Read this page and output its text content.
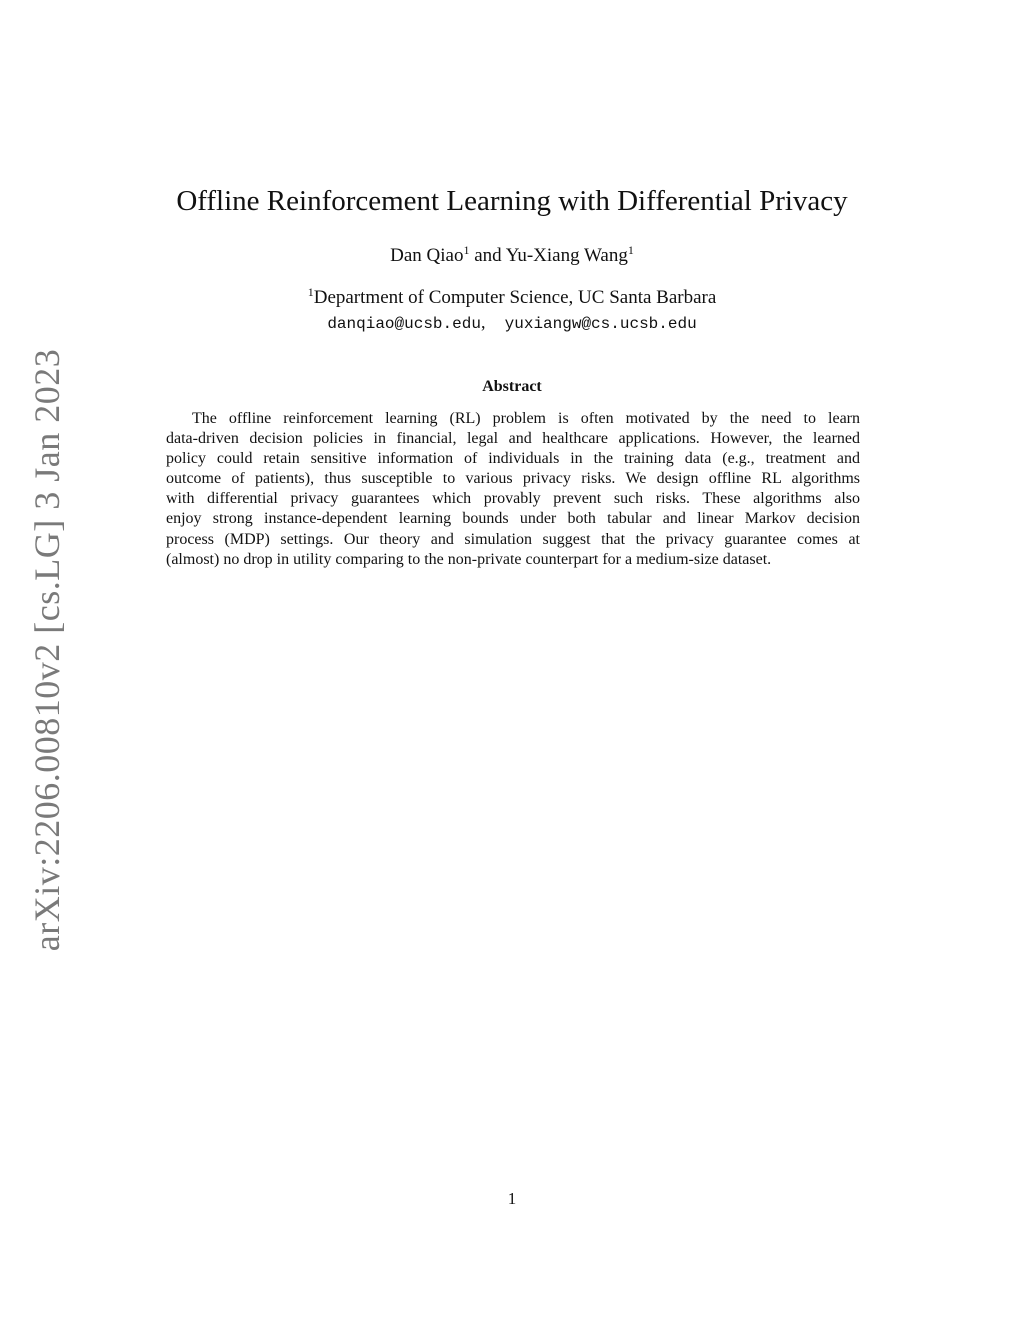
arXiv:2206.00810v2 [cs.LG] 3 Jan 2023
Offline Reinforcement Learning with Differential Privacy
Dan Qiao$^1$ and Yu-Xiang Wang$^1$
$^1$Department of Computer Science, UC Santa Barbara
danqiao@ucsb.edu, yuxiangw@cs.ucsb.edu
Abstract
The offline reinforcement learning (RL) problem is often motivated by the need to learn
data-driven decision policies in financial, legal and healthcare applications. However, the learned
policy could retain sensitive information of individuals in the training data (e.g., treatment and
outcome of patients), thus susceptible to various privacy risks. We design offline RL algorithms
with differential privacy guarantees which provably prevent such risks. These algorithms also
enjoy strong instance-dependent learning bounds under both tabular and linear Markov decision
process (MDP) settings. Our theory and simulation suggest that the privacy guarantee comes at
(almost) no drop in utility comparing to the non-private counterpart for a medium-size dataset.
1
